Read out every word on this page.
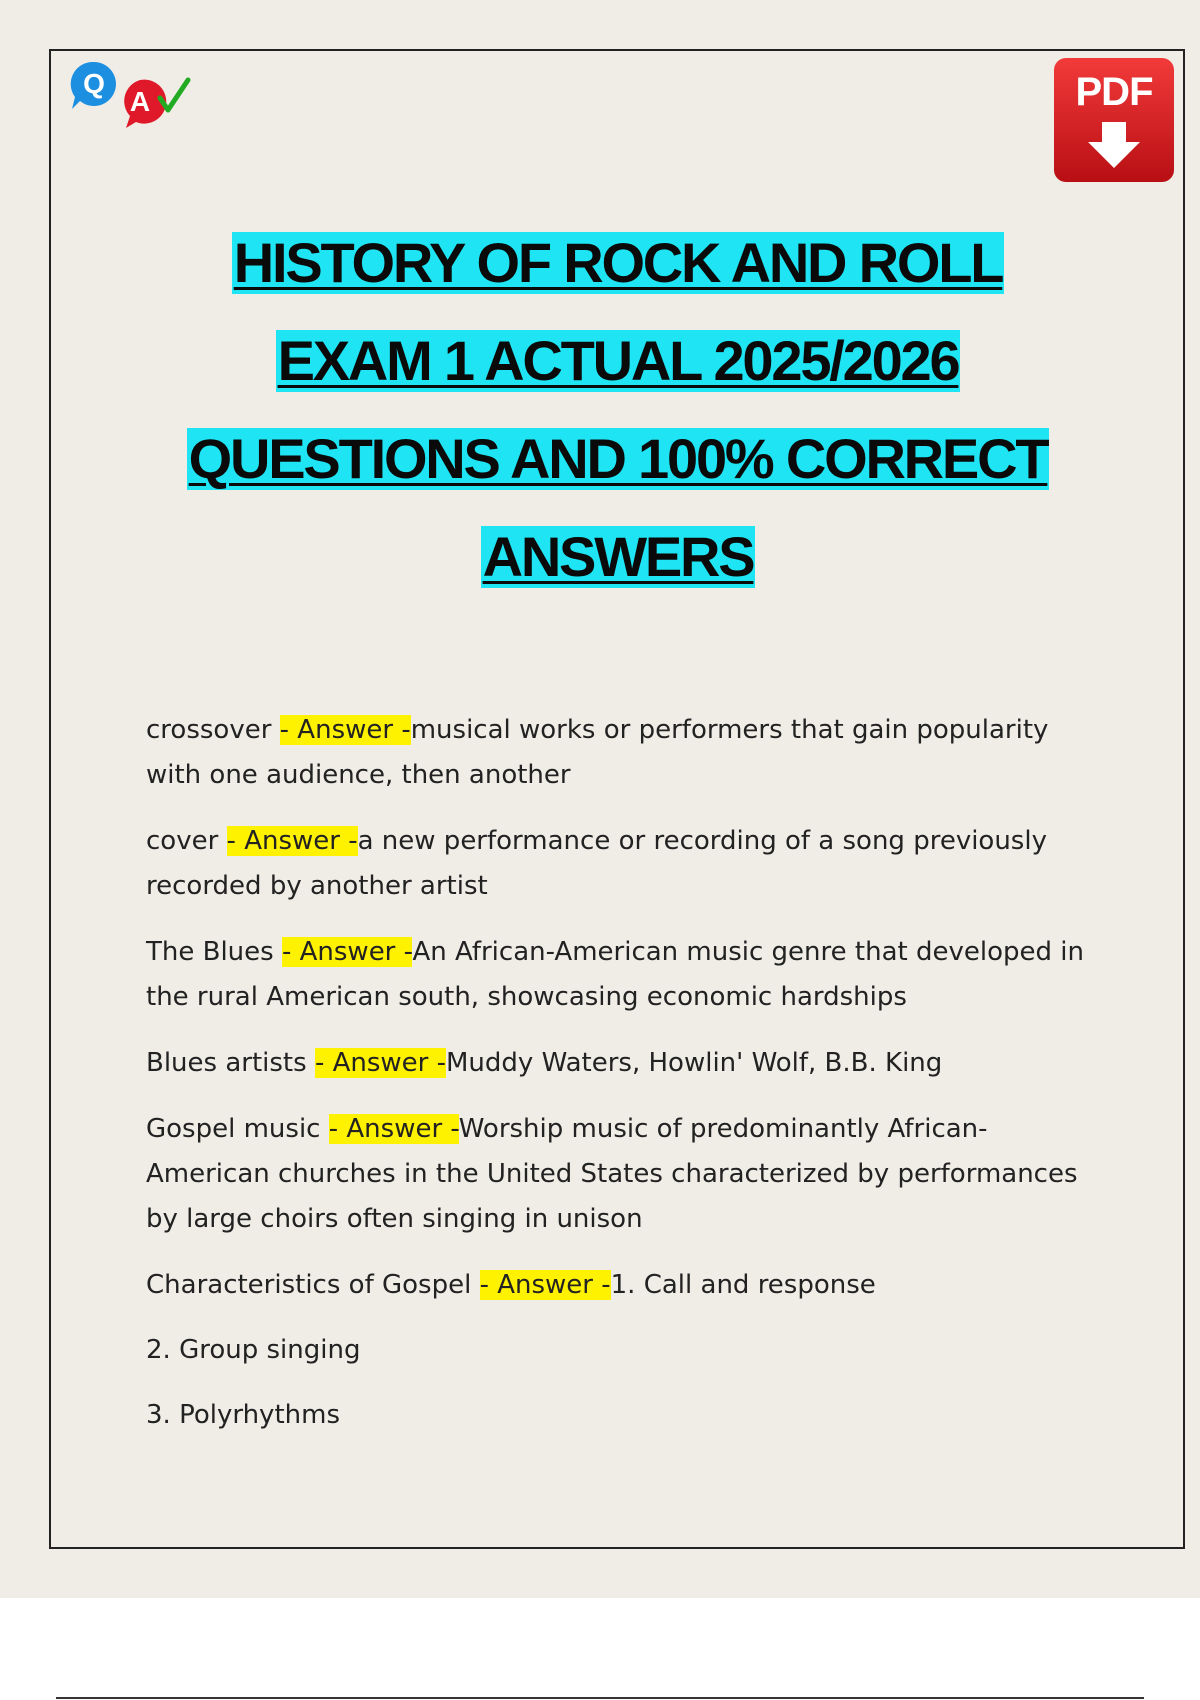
Q
A	PDF
HISTORY OF ROCK AND ROLL
EXAM 1 ACTUAL 2025/2026
QUESTIONS AND 100% CORRECT
ANSWERS
crossover - Answer -musical works or performers that gain popularity with one audience, then another
cover - Answer -a new performance or recording of a song previously recorded by another artist
The Blues - Answer -An African-American music genre that developed in the rural American south, showcasing economic hardships
Blues artists - Answer -Muddy Waters, Howlin' Wolf, B.B. King
Gospel music - Answer -Worship music of predominantly African-American churches in the United States characterized by performances by large choirs often singing in unison
Characteristics of Gospel - Answer -1. Call and response
2. Group singing
3. Polyrhythms
